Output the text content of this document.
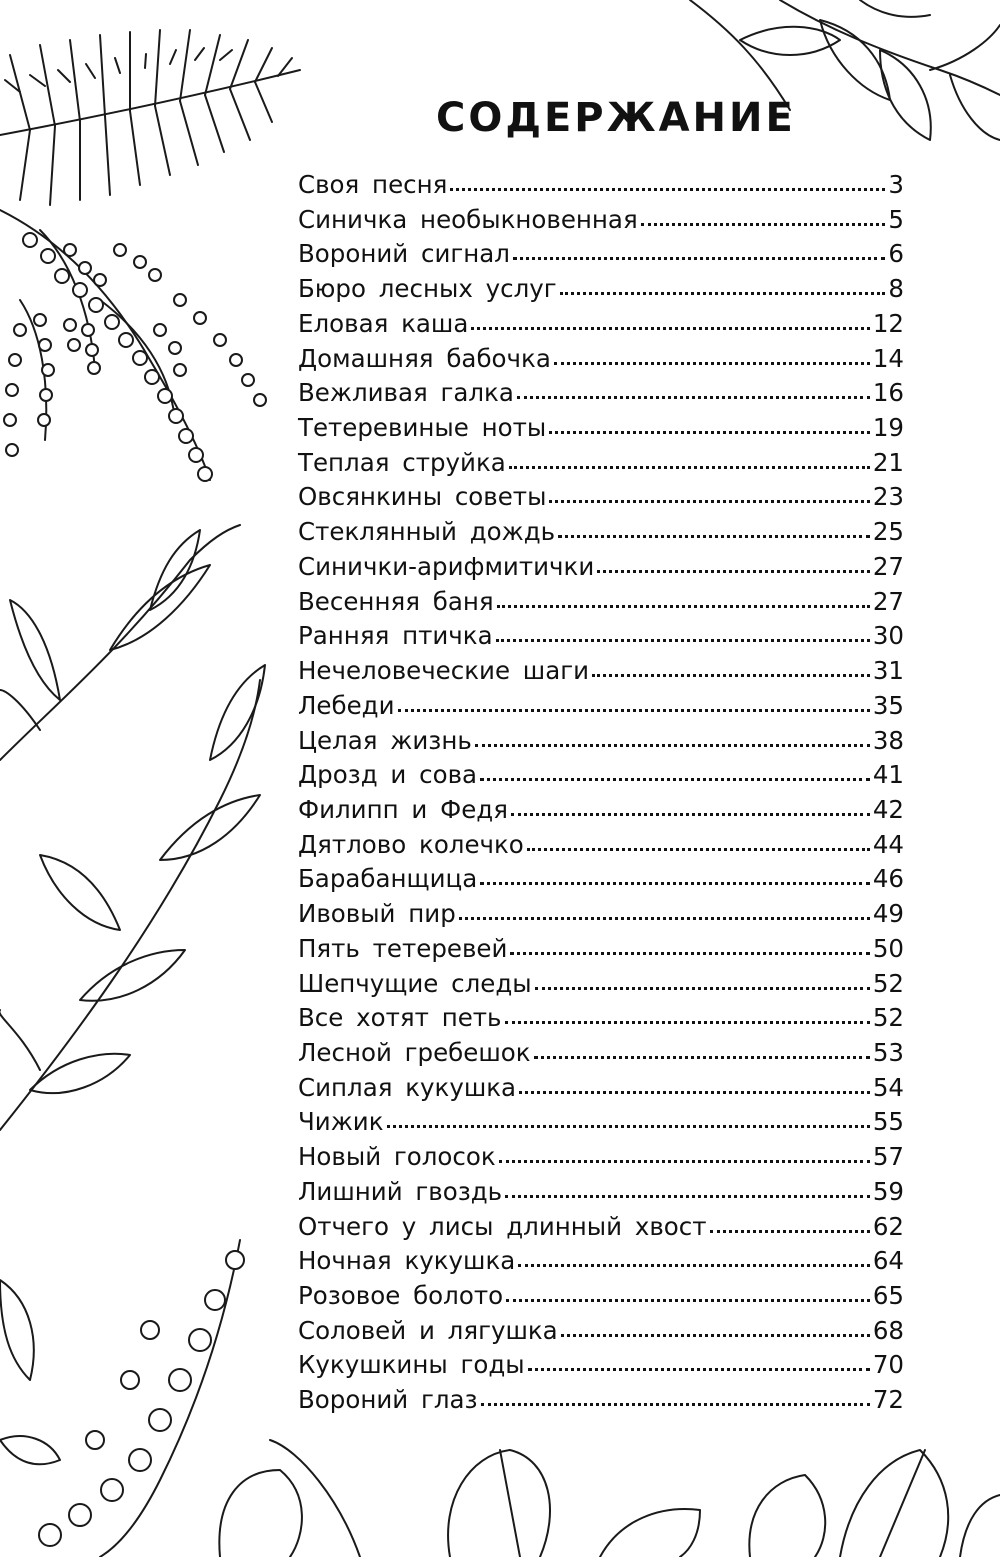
СОДЕРЖАНИЕ
Своя песня	3
Синичка необыкновенная	5
Вороний сигнал	6
Бюро лесных услуг	8
Еловая каша	12
Домашняя бабочка	14
Вежливая галка	16
Тетеревиные ноты	19
Теплая струйка	21
Овсянкины советы	23
Стеклянный дождь	25
Синички-арифмитички	27
Весенняя баня	27
Ранняя птичка	30
Нечеловеческие шаги	31
Лебеди	35
Целая жизнь	38
Дрозд и сова	41
Филипп и Федя	42
Дятлово колечко	44
Барабанщица	46
Ивовый пир	49
Пять тетеревей	50
Шепчущие следы	52
Все хотят петь	52
Лесной гребешок	53
Сиплая кукушка	54
Чижик	55
Новый голосок	57
Лишний гвоздь	59
Отчего у лисы длинный хвост	62
Ночная кукушка	64
Розовое болото	65
Соловей и лягушка	68
Кукушкины годы	70
Вороний глаз	72
